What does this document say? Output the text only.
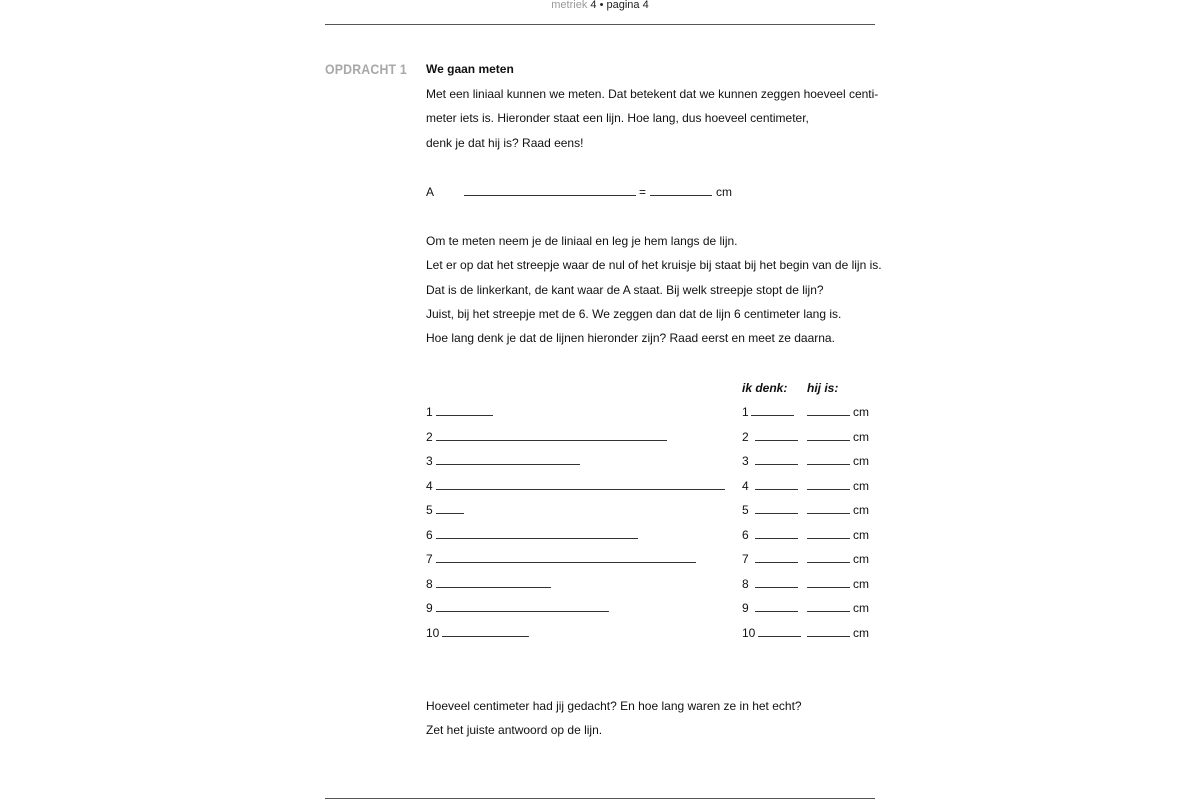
metriek 4 • pagina 4
OPDRACHT 1 We gaan meten
Met een liniaal kunnen we meten. Dat betekent dat we kunnen zeggen hoeveel centi-
meter iets is. Hieronder staat een lijn. Hoe lang, dus hoeveel centimeter,
denk je dat hij is? Raad eens!
A	=	cm
Om te meten neem je de liniaal en leg je hem langs de lijn.
Let er op dat het streepje waar de nul of het kruisje bij staat bij het begin van de lijn is.
Dat is de linkerkant, de kant waar de A staat. Bij welk streepje stopt de lijn?
Juist, bij het streepje met de 6. We zeggen dan dat de lijn 6 centimeter lang is.
Hoe lang denk je dat de lijnen hieronder zijn? Raad eerst en meet ze daarna.
ik denk: hij is:
1	1	cm
2	2	cm
3	3	cm
4	4	cm
5	5	cm
6	6	cm
7	7	cm
8	8	cm
9	9	cm
10	10	cm
Hoeveel centimeter had jij gedacht? En hoe lang waren ze in het echt?
Zet het juiste antwoord op de lijn.
